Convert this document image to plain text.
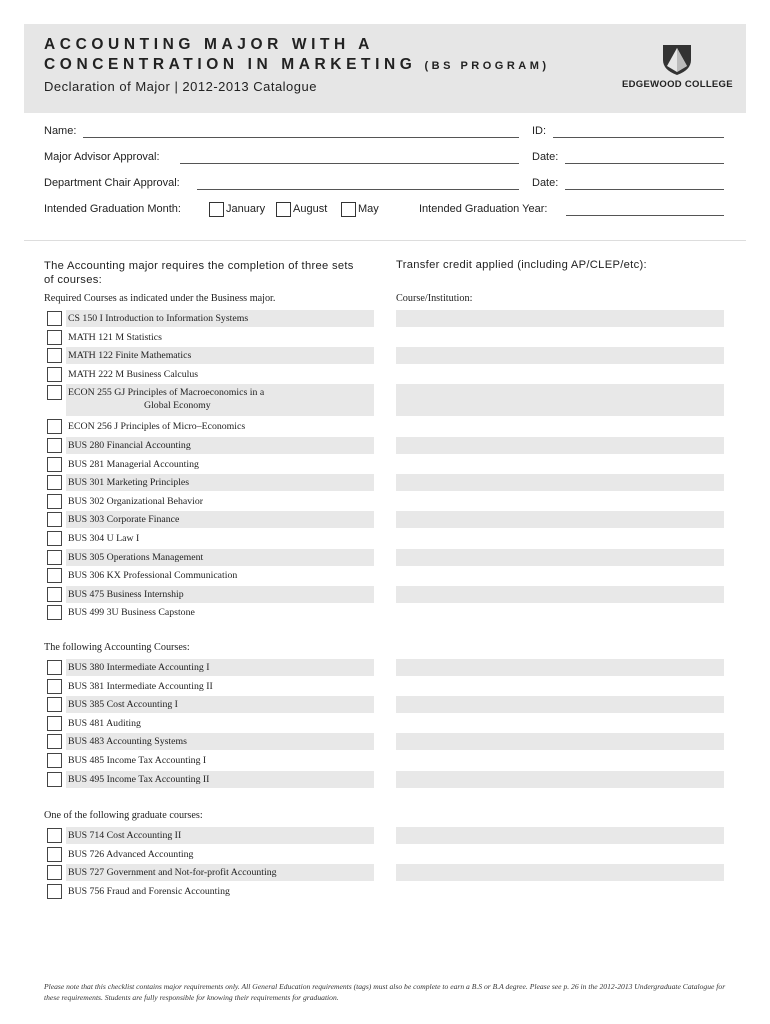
ACCOUNTING MAJOR WITH A
CONCENTRATION IN MARKETING (BS PROGRAM)
Declaration of Major | 2012-2013 Catalogue	EDGEWOOD COLLEGE
Name:	ID:
Major Advisor Approval:	Date:
Department Chair Approval:	Date:
Intended Graduation Month:	January	August	May	Intended Graduation Year:
The Accounting major requires the completion of three sets of courses:
Transfer credit applied (including AP/CLEP/etc):
Course/Institution:
Required Courses as indicated under the Business major.
The following Accounting Courses:
One of the following graduate courses:
CS 150 I Introduction to Information Systems
MATH 121 M Statistics
MATH 122 Finite Mathematics
MATH 222 M Business Calculus
ECON 255 GJ Principles of Macroeconomics in a
Global Economy
ECON 256 J Principles of Micro–Economics
BUS 280 Financial Accounting
BUS 281 Managerial Accounting
BUS 301 Marketing Principles
BUS 302 Organizational Behavior
BUS 303 Corporate Finance
BUS 304 U Law I
BUS 305 Operations Management
BUS 306 KX Professional Communication
BUS 475 Business Internship
BUS 499 3U Business Capstone
BUS 380 Intermediate Accounting I
BUS 381 Intermediate Accounting II
BUS 385 Cost Accounting I
BUS 481 Auditing
BUS 483 Accounting Systems
BUS 485 Income Tax Accounting I
BUS 495 Income Tax Accounting II
BUS 714 Cost Accounting II
BUS 726 Advanced Accounting
BUS 727 Government and Not-for-profit Accounting
BUS 756 Fraud and Forensic Accounting
Please note that this checklist contains major requirements only. All General Education requirements (tags) must also be complete to earn a B.S or B.A degree. Please see p. 26 in the 2012-2013 Undergraduate Catalogue for these requirements. Students are fully responsible for knowing their requirements for graduation.
